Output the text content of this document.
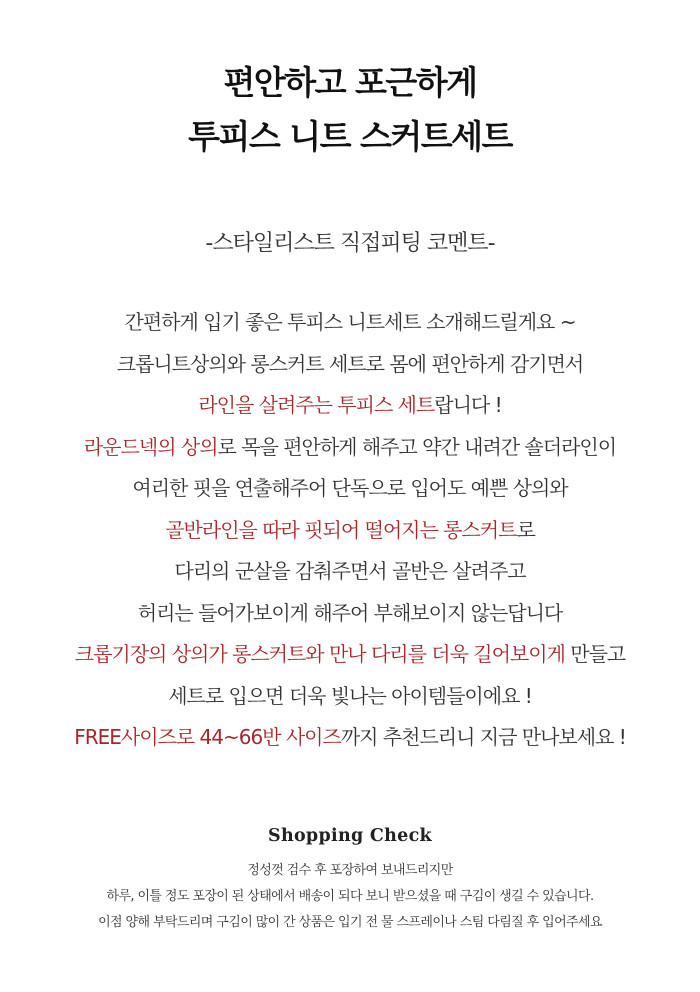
편안하고 포근하게
투피스 니트 스커트세트
-스타일리스트 직접피팅 코멘트-
간편하게 입기 좋은 투피스 니트세트 소개해드릴게요 ~
크롭니트상의와 롱스커트 세트로 몸에 편안하게 감기면서
라인을 살려주는 투피스 세트랍니다 !
라운드넥의 상의로 목을 편안하게 해주고 약간 내려간 숄더라인이
여리한 핏을 연출해주어 단독으로 입어도 예쁜 상의와
골반라인을 따라 핏되어 떨어지는 롱스커트로
다리의 군살을 감춰주면서 골반은 살려주고
허리는 들어가보이게 해주어 부해보이지 않는답니다
크롭기장의 상의가 롱스커트와 만나 다리를 더욱 길어보이게 만들고
세트로 입으면 더욱 빛나는 아이템들이에요 !
FREE사이즈로 44~66반 사이즈까지 추천드리니 지금 만나보세요 !
Shopping Check
정성껏 검수 후 포장하여 보내드리지만
하루, 이틀 정도 포장이 된 상태에서 배송이 되다 보니 받으셨을 때 구김이 생길 수 있습니다.
이점 양해 부탁드리며 구김이 많이 간 상품은 입기 전 물 스프레이나 스팀 다림질 후 입어주세요
